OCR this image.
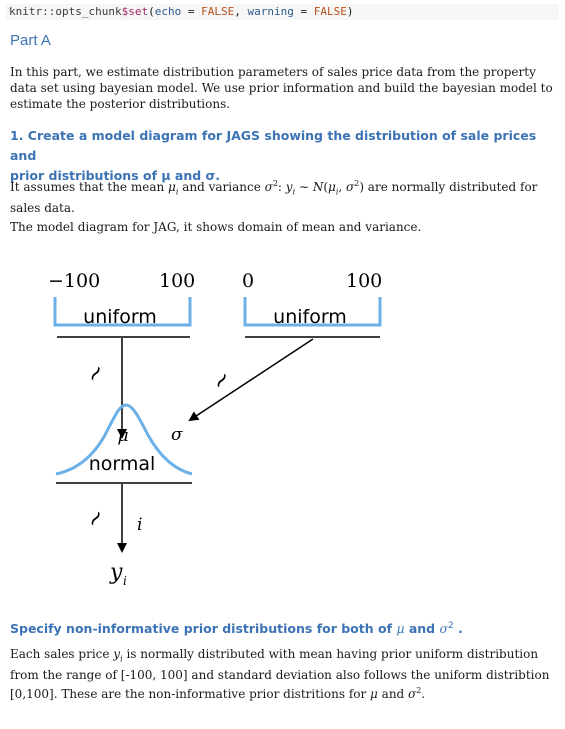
knitr::opts_chunk$set(echo = FALSE, warning = FALSE)
Part A
In this part, we estimate distribution parameters of sales price data from the property data set using bayesian model. We use prior information and build the bayesian model to estimate the posterior distributions.
1. Create a model diagram for JAGS showing the distribution of sale prices and
prior distributions of μ and σ.
It assumes that the mean $\mu_i$ and variance $\sigma^2$: $y_i$ ∼ $N(\mu_i$, $\sigma^2$) are normally distributed for
sales data.
The model diagram for JAG, it shows domain of mean and variance.
−100	100
uniform
0	100
uniform
~	~
μ σ
normal
~ i
y i
Specify non-informative prior distributions for both of μ and $\sigma^2$ .
Each sales price $y_i$ is normally distributed with mean having prior uniform distribution
from the range of [-100, 100] and standard deviation also follows the uniform distribtion
[0,100]. These are the non-informative prior distritions for μ and $\sigma^2$.
